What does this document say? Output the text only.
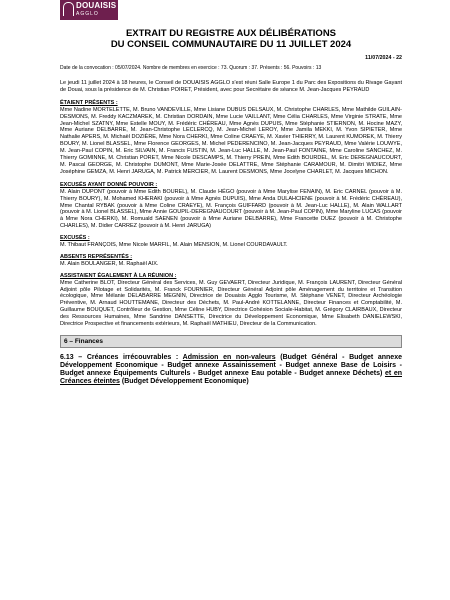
DOUAISIS
AGGLO
EXTRAIT DU REGISTRE AUX DÉLIBÉRATIONS
DU CONSEIL COMMUNAUTAIRE DU 11 JUILLET 2024
11/07/2024 - 22
Date de la convocation : 05/07/2024. Nombre de membres en exercice : 73. Quorum : 37. Présents : 56. Pouvoirs : 13
Le jeudi 11 juillet 2024 à 18 heures, le Conseil de DOUAISIS AGGLO s'est réuni Salle Europe 1 du Parc des Expositions du Rivage Gayant de Douai, sous la présidence de M. Christian POIRET, Président, avec pour Secrétaire de séance M. Jean-Jacques PEYRAUD
ÉTAIENT PRÉSENTS :
Mme Nadine MORTELETTE, M. Bruno VANDEVILLE, Mme Lisiane DUBUS DELSAUX, M. Christophe CHARLES, Mme Mathilde GUILAIN-DESMONS, M. Freddy KACZMAREK, M. Christian DORDAIN, Mme Lucie VAILLANT, Mme Célia CHARLES, Mme Virginie STRATE, Mme Jean-Michel SZATNY, Mme Estelle MOUY, M. Frédéric CHÉREAU, Mme Agnès DUPUIS, Mme Stéphanie STIERNON, M. Hocine MAZY, Mme Auriane DELBARRE, M. Jean-Christophe LECLERCQ, M. Jean-Michel LEROY, Mme Jamila MEKKI, M. Yvon SIPIETER, Mme Nathalie APERS, M. Michaël DOZIÈRE, Mme Nora CHERKI, Mme Coline CRAEYE, M. Xavier THIERRY, M. Laurent KUMOREK, M. Thierry BOURY, M. Lionel BLASSEL, Mme Florence GEORGES, M. Michel PEDERENCINO, M. Jean-Jacques PEYRAUD, Mme Valérie LOUWYE, M. Jean-Paul COPIN, M. Eric SILVAIN, M. Francis FUSTIN, M. Jean-Luc HALLE, M. Jean-Paul FONTAINE, Mme Caroline SANCHEZ, M. Thierry GOMINNE, M. Christian PORET, Mme Nicole DESCAMPS, M. Thierry PREIN, Mme Edith BOURDEL, M. Eric DEREGNAUCOURT, M. Pascal GEORGE, M. Christophe DUMONT, Mme Marie-Josée DELATTRE, Mme Stéphanie CARAMOUR, M. Dimitri WIDIEZ, Mme Joséphine GEMZA, M. Henri JARUGA, M. Patrick MERCIER, M. Laurent DESMONS, Mme Jocelyne CHARLET, M. Jacques MICHON.
EXCUSÉS AYANT DONNÉ POUVOIR :
M. Alain DUPONT (pouvoir à Mme Edith BOUREL), M. Claude HÉGO (pouvoir à Mme Marylise FENAIN), M. Eric CARNEL (pouvoir à M. Thierry BOURY), M. Mohamed KHERAKI (pouvoir à Mme Agnès DUPUIS), Mme Anda DULAHCIENE (pouvoir à M. Frédéric CHÉREAU), Mme Chantal RYBAK (pouvoir à Mme Coline CRAEYE), M. François GUIFFARD (pouvoir à M. Jean-Luc HALLE), M. Alain WALLART (pouvoir à M. Lionel BLASSEL), Mme Annie GOUPIL-DEREGNAUCOURT (pouvoir à M. Jean-Paul COPIN), Mme Maryline LUCAS (pouvoir à Mme Nora CHERKI), M. Romuald SAENEN (pouvoir à Mme Auriane DELBARRE), Mme Francette DUEZ (pouvoir à M. Christophe CHARLES), M. Didier CARREZ (pouvoir à M. Henri JARUGA)
EXCUSÉS :
M. Thibaut FRANÇOIS, Mme Nicole MARFIL, M. Alain MENSION, M. Lionel COURDAVAULT.
ABSENTS REPRÉSENTÉS :
M. Alain BOULANGER, M. Raphaël AIX.
ASSISTAIENT ÉGALEMENT À LA RÉUNION :
Mme Catherine BLOT, Directeur Général des Services, M. Guy GEVAERT, Directeur Juridique, M. François LAURENT, Directeur Général Adjoint pôle Pilotage et Solidarités, M. Franck FOURNIER, Directeur Général Adjoint pôle Aménagement du territoire et Transition écologique, Mme Mélanie DELABARRE MEGNIN, Directrice de Douaisis Agglo Tourisme, M. Stéphane VENET, Directeur Archéologie Préventive, M. Arnaud HOUTTEMANE, Directeur des Déchets, M. Paul-André KOTTELANNE, Directeur Finances et Comptabilité, M. Guillaume BOUQUET, Contrôleur de Gestion, Mme Céline HUBY, Directrice Cohésion Sociale-Habitat, M. Grégory CLAIRBAUX, Directeur des Ressources Humaines, Mme Sandrine DANSETTE, Directrice du Développement Economique, Mme Elisabeth DANIELEWSKI, Directrice Prospective et financements extérieurs, M. Raphaël MATHIEU, Directeur de la Communication.
6 – Finances
6.13 – Créances irrécouvrables : Admission en non-valeurs (Budget Général - Budget annexe Développement Economique - Budget annexe Assainissement - Budget annexe Base de Loisirs - Budget annexe Équipements Culturels - Budget annexe Eau potable - Budget annexe Déchets) et en Créances éteintes (Budget Développement Economique)
